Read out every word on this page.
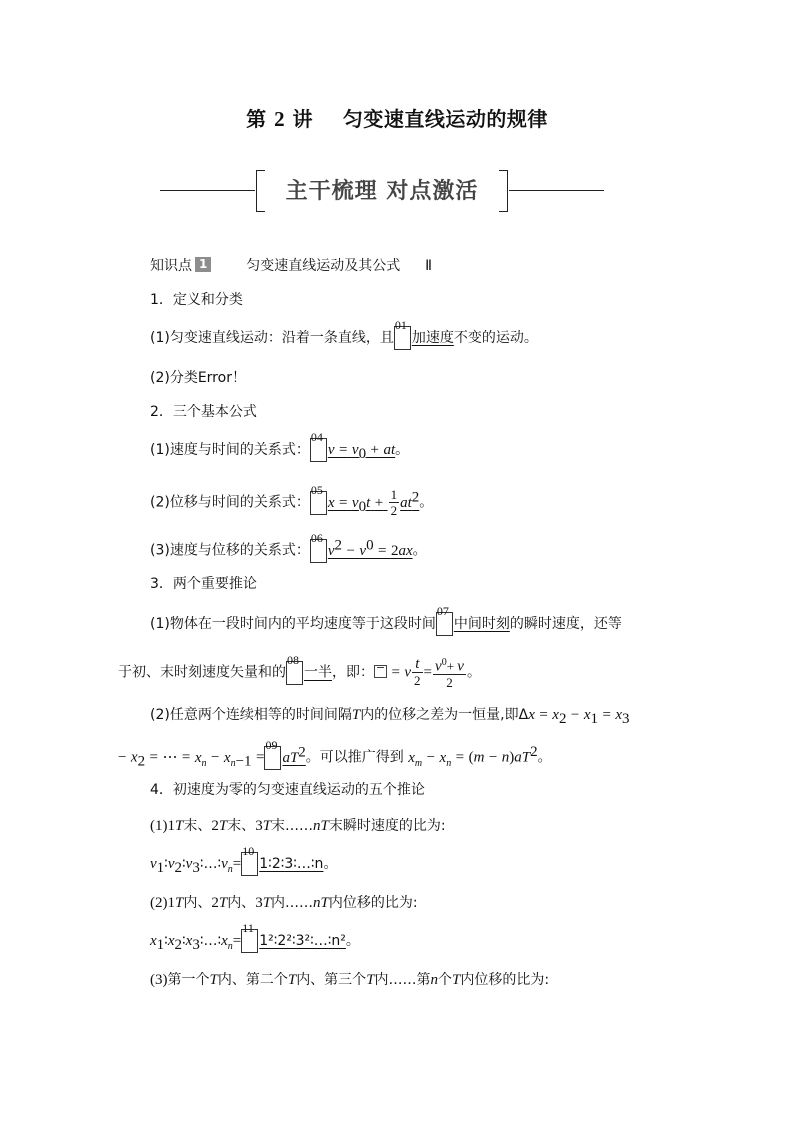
第 2 讲 匀变速直线运动的规律
主干梳理 对点激活
知识点 1	匀变速直线运动及其公式 Ⅱ
1．定义和分类
(1)匀变速直线运动：沿着一条直线，且
01
加速度不变的运动。
(2)分类Error！
2．三个基本公式
(1)速度与时间的关系式：
04
$v = v_0$ + at。
(2)位移与时间的关系式：
05
$x = v_0t + \frac{1}{2} at^2$。
(3)速度与位移的关系式：
06
$v^2 - v^0 = 2ax$。
3．两个重要推论
(1)物体在一段时间内的平均速度等于这段时间
07
中间时刻的瞬时速度，还等
于初、末时刻速度矢量和的
08
一半，即： = v $\frac{t}{2} = \frac{v^0+ v}{2}$ 。
(2)任意两个连续相等的时间间隔T内的位移之差为一恒量,即$\Delta x = x_2 - x_1 = x_3$
− $x_2$ = ⋯ = $x_n - x_{n-1}$ =
09
$aT^2$。可以推广得到 $x_m - x_n = (m - n)aT^2$。
4．初速度为零的匀变速直线运动的五个推论
(1)1T末、2T末、3T末……nT末瞬时速度的比为:
$v_1∶v_2∶v_3∶\dots∶v_n=$
10
1∶2∶3∶…∶n。
(2)1T内、2T内、3T内……nT内位移的比为:
$x_1∶x_2∶x_3∶\dots∶x_n=$
11
1²∶2²∶3²∶…∶n²。
(3)第一个T内、第二个T内、第三个T内……第n个T内位移的比为:
